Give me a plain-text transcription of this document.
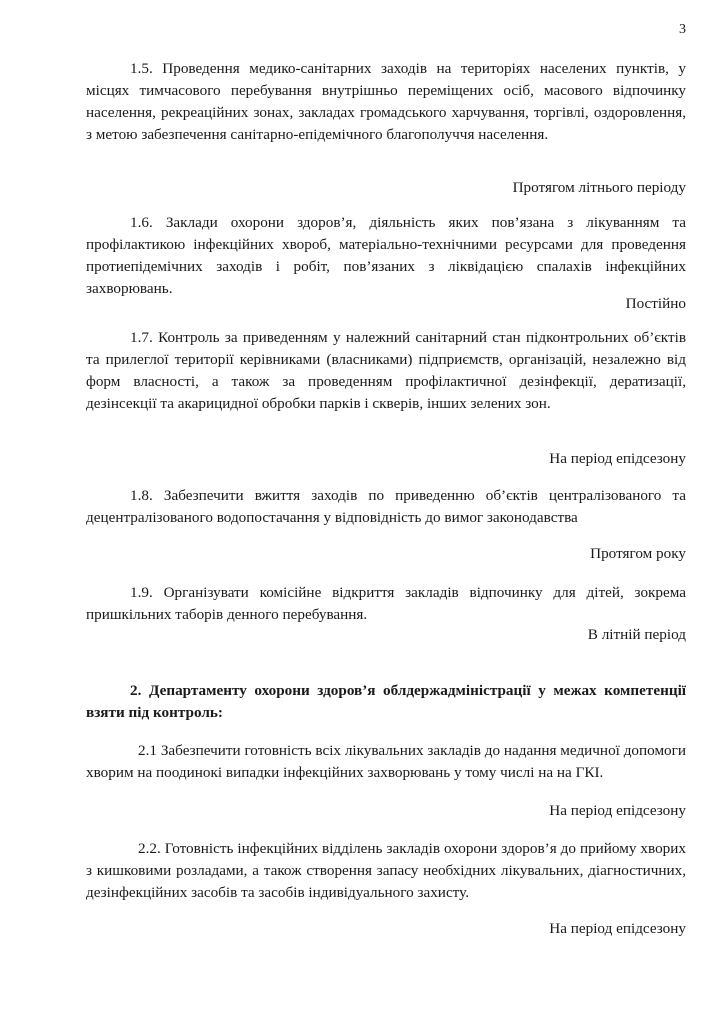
3

1.5. Проведення медико-санітарних заходів на територіях населених пунктів, у місцях тимчасового перебування внутрішньо переміщених осіб, масового відпочинку населення, рекреаційних зонах, закладах громадського харчування, торгівлі, оздоровлення, з метою забезпечення санітарно-епідемічного благополуччя населення.

Протягом літнього періоду

1.6. Заклади охорони здоров’я, діяльність яких пов’язана з лікуванням та профілактикою інфекційних хвороб, матеріально-технічними ресурсами для проведення протиепідемічних заходів і робіт, пов’язаних з ліквідацією спалахів інфекційних захворювань.

Постійно

1.7. Контроль за приведенням у належний санітарний стан підконтрольних об’єктів та прилеглої території керівниками (власниками) підприємств, організацій, незалежно від форм власності, а також за проведенням профілактичної дезінфекції, дератизації, дезінсекції та акарицидної обробки парків і скверів, інших зелених зон.

На період епідсезону

1.8. Забезпечити вжиття заходів по приведенню об’єктів централізованого та децентралізованого водопостачання у відповідність до вимог законодавства

Протягом року

1.9. Організувати комісійне відкриття закладів відпочинку для дітей, зокрема пришкільних таборів денного перебування.

В літній період

2. Департаменту охорони здоров’я облдержадміністрації у межах компетенції взяти під контроль:

2.1 Забезпечити готовність всіх лікувальних закладів до надання медичної допомоги хворим на поодинокі випадки інфекційних захворювань у тому числі на на ГКІ.

На період епідсезону

2.2. Готовність інфекційних відділень закладів охорони здоров’я до прийому хворих з кишковими розладами, а також створення запасу необхідних лікувальних, діагностичних, дезінфекційних засобів та засобів індивідуального захисту.

На період епідсезону
